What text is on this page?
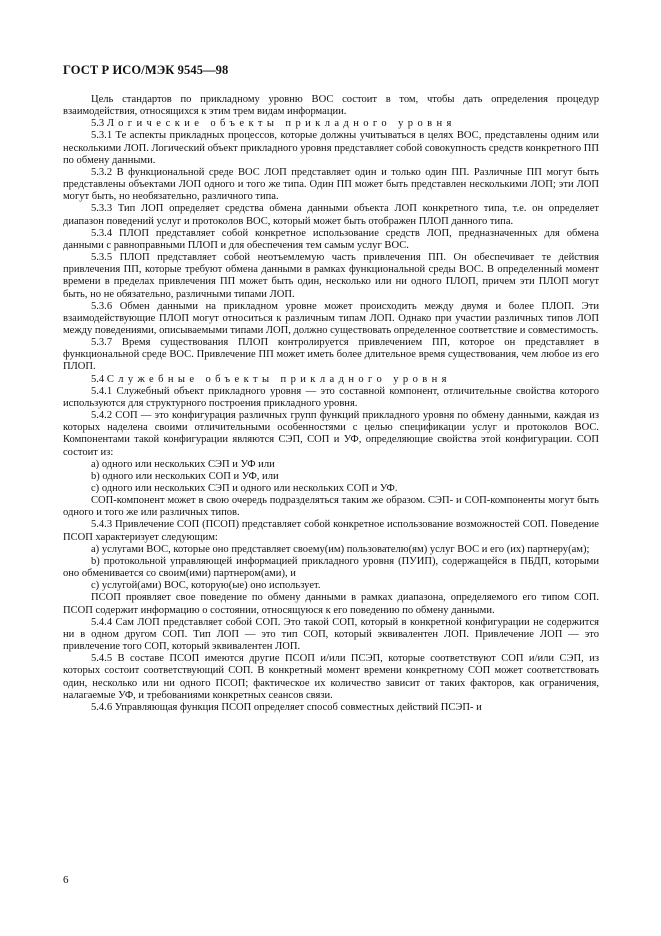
ГОСТ Р ИСО/МЭК 9545—98

Цель стандартов по прикладному уровню ВОС состоит в том, чтобы дать определения процедур взаимодействия, относящихся к этим трем видам информации.

5.3 Логические объекты прикладного уровня

5.3.1 Те аспекты прикладных процессов, которые должны учитываться в целях ВОС, представлены одним или несколькими ЛОП. Логический объект прикладного уровня представляет собой совокупность средств конкретного ПП по обмену данными.

5.3.2 В функциональной среде ВОС ЛОП представляет один и только один ПП. Различные ПП могут быть представлены объектами ЛОП одного и того же типа. Один ПП может быть представлен несколькими ЛОП; эти ЛОП могут быть, но необязательно, различного типа.

5.3.3 Тип ЛОП определяет средства обмена данными объекта ЛОП конкретного типа, т.е. он определяет диапазон поведений услуг и протоколов ВОС, который может быть отображен ПЛОП данного типа.

5.3.4 ПЛОП представляет собой конкретное использование средств ЛОП, предназначенных для обмена данными с равноправными ПЛОП и для обеспечения тем самым услуг ВОС.

5.3.5 ПЛОП представляет собой неотъемлемую часть привлечения ПП. Он обеспечивает те действия привлечения ПП, которые требуют обмена данными в рамках функциональной среды ВОС. В определенный момент времени в пределах привлечения ПП может быть один, несколько или ни одного ПЛОП, причем эти ПЛОП могут быть, но не обязательно, различными типами ЛОП.

5.3.6 Обмен данными на прикладном уровне может происходить между двумя и более ПЛОП. Эти взаимодействующие ПЛОП могут относиться к различным типам ЛОП. Однако при участии различных типов ЛОП между поведениями, описываемыми типами ЛОП, должно существовать определенное соответствие и совместимость.

5.3.7 Время существования ПЛОП контролируется привлечением ПП, которое он представляет в функциональной среде ВОС. Привлечение ПП может иметь более длительное время существования, чем любое из его ПЛОП.

5.4 Служебные объекты прикладного уровня

5.4.1 Служебный объект прикладного уровня — это составной компонент, отличительные свойства которого используются для структурного построения прикладного уровня.

5.4.2 СОП — это конфигурация различных групп функций прикладного уровня по обмену данными, каждая из которых наделена своими отличительными особенностями с целью спецификации услуг и протоколов ВОС. Компонентами такой конфигурации являются СЭП, СОП и УФ, определяющие свойства этой конфигурации. СОП состоит из:

a) одного или нескольких СЭП и УФ или

b) одного или нескольких СОП и УФ, или

c) одного или нескольких СЭП и одного или нескольких СОП и УФ.

СОП-компонент может в свою очередь подразделяться таким же образом. СЭП- и СОП-компоненты могут быть одного и того же или различных типов.

5.4.3 Привлечение СОП (ПСОП) представляет собой конкретное использование возможностей СОП. Поведение ПСОП характеризует следующим:

a) услугами ВОС, которые оно представляет своему(им) пользователю(ям) услуг ВОС и его (их) партнеру(ам);

b) протокольной управляющей информацией прикладного уровня (ПУИП), содержащейся в ПБДП, которыми оно обменивается со своим(ими) партнером(ами), и

c) услугой(ами) ВОС, которую(ые) оно использует.

ПСОП проявляет свое поведение по обмену данными в рамках диапазона, определяемого его типом СОП. ПСОП содержит информацию о состоянии, относящуюся к его поведению по обмену данными.

5.4.4 Сам ЛОП представляет собой СОП. Это такой СОП, который в конкретной конфигурации не содержится ни в одном другом СОП. Тип ЛОП — это тип СОП, который эквивалентен ЛОП. Привлечение ЛОП — это привлечение того СОП, который эквивалентен ЛОП.

5.4.5 В составе ПСОП имеются другие ПСОП и/или ПСЭП, которые соответствуют СОП и/или СЭП, из которых состоит соответствующий СОП. В конкретный момент времени конкретному СОП может соответствовать один, несколько или ни одного ПСОП; фактическое их количество зависит от таких факторов, как ограничения, налагаемые УФ, и требованиями конкретных сеансов связи.

5.4.6 Управляющая функция ПСОП определяет способ совместных действий ПСЭП- и

6
